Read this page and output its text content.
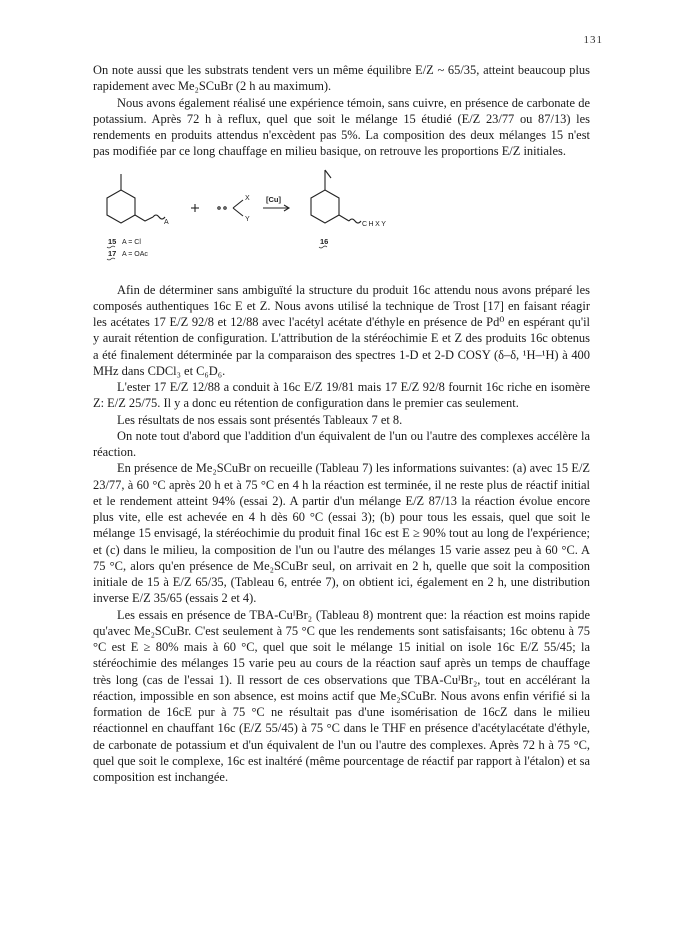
131

On note aussi que les substrats tendent vers un même équilibre E/Z ~ 65/35, atteint beaucoup plus rapidement avec Me₂SCuBr (2 h au maximum).

Nous avons également réalisé une expérience témoin, sans cuivre, en présence de carbonate de potassium. Après 72 h à reflux, quel que soit le mélange 15 étudié (E/Z 23/77 ou 87/13) les rendements en produits attendus n'excèdent pas 5%. La composition des deux mélanges 15 n'est pas modifiée par ce long chauffage en milieu basique, on retrouve les proportions E/Z initiales.

A
X
Y
[Cu]
CHXY
15 A = Cl
17 A = OAc
16

Afin de déterminer sans ambiguïté la structure du produit 16c attendu nous avons préparé les composés authentiques 16c E et Z. Nous avons utilisé la technique de Trost [17] en faisant réagir les acétates 17 E/Z 92/8 et 12/88 avec l'acétyl acétate d'éthyle en présence de Pd⁰ en espérant qu'il y aurait rétention de configuration. L'attribution de la stéréochimie E et Z des produits 16c obtenus a été finalement déterminée par la comparaison des spectres 1-D et 2-D COSY (δ–δ, ¹H–¹H) à 400 MHz dans CDCl₃ et C₆D₆.

L'ester 17 E/Z 12/88 a conduit à 16c E/Z 19/81 mais 17 E/Z 92/8 fournit 16c riche en isomère Z: E/Z 25/75. Il y a donc eu rétention de configuration dans le premier cas seulement.

Les résultats de nos essais sont présentés Tableaux 7 et 8.

On note tout d'abord que l'addition d'un équivalent de l'un ou l'autre des complexes accélère la réaction.

En présence de Me₂SCuBr on recueille (Tableau 7) les informations suivantes: (a) avec 15 E/Z 23/77, à 60 °C après 20 h et à 75 °C en 4 h la réaction est terminée, il ne reste plus de réactif initial et le rendement atteint 94% (essai 2). A partir d'un mélange E/Z 87/13 la réaction évolue encore plus vite, elle est achevée en 4 h dès 60 °C (essai 3); (b) pour tous les essais, quel que soit le mélange 15 envisagé, la stéréochimie du produit final 16c est E ≥ 90% tout au long de l'expérience; et (c) dans le milieu, la composition de l'un ou l'autre des mélanges 15 varie assez peu à 60 °C. A 75 °C, alors qu'en présence de Me₂SCuBr seul, on arrivait en 2 h, quelle que soit la composition initiale de 15 à E/Z 65/35, (Tableau 6, entrée 7), on obtient ici, également en 2 h, une distribution inverse E/Z 35/65 (essais 2 et 4).

Les essais en présence de TBA-CuᴵBr₂ (Tableau 8) montrent que: la réaction est moins rapide qu'avec Me₂SCuBr. C'est seulement à 75 °C que les rendements sont satisfaisants; 16c obtenu à 75 °C est E ≥ 80% mais à 60 °C, quel que soit le mélange 15 initial on isole 16c E/Z 55/45; la stéréochimie des mélanges 15 varie peu au cours de la réaction sauf après un temps de chauffage très long (cas de l'essai 1). Il ressort de ces observations que TBA-CuᴵBr₂, tout en accélérant la réaction, impossible en son absence, est moins actif que Me₂SCuBr. Nous avons enfin vérifié si la formation de 16cE pur à 75 °C ne résultait pas d'une isomérisation de 16cZ dans le milieu réactionnel en chauffant 16c (E/Z 55/45) à 75 °C dans le THF en présence d'acétylacétate d'éthyle, de carbonate de potassium et d'un équivalent de l'un ou l'autre des complexes. Après 72 h à 75 °C, quel que soit le complexe, 16c est inaltéré (même pourcentage de réactif par rapport à l'étalon) et sa composition est inchangée.
